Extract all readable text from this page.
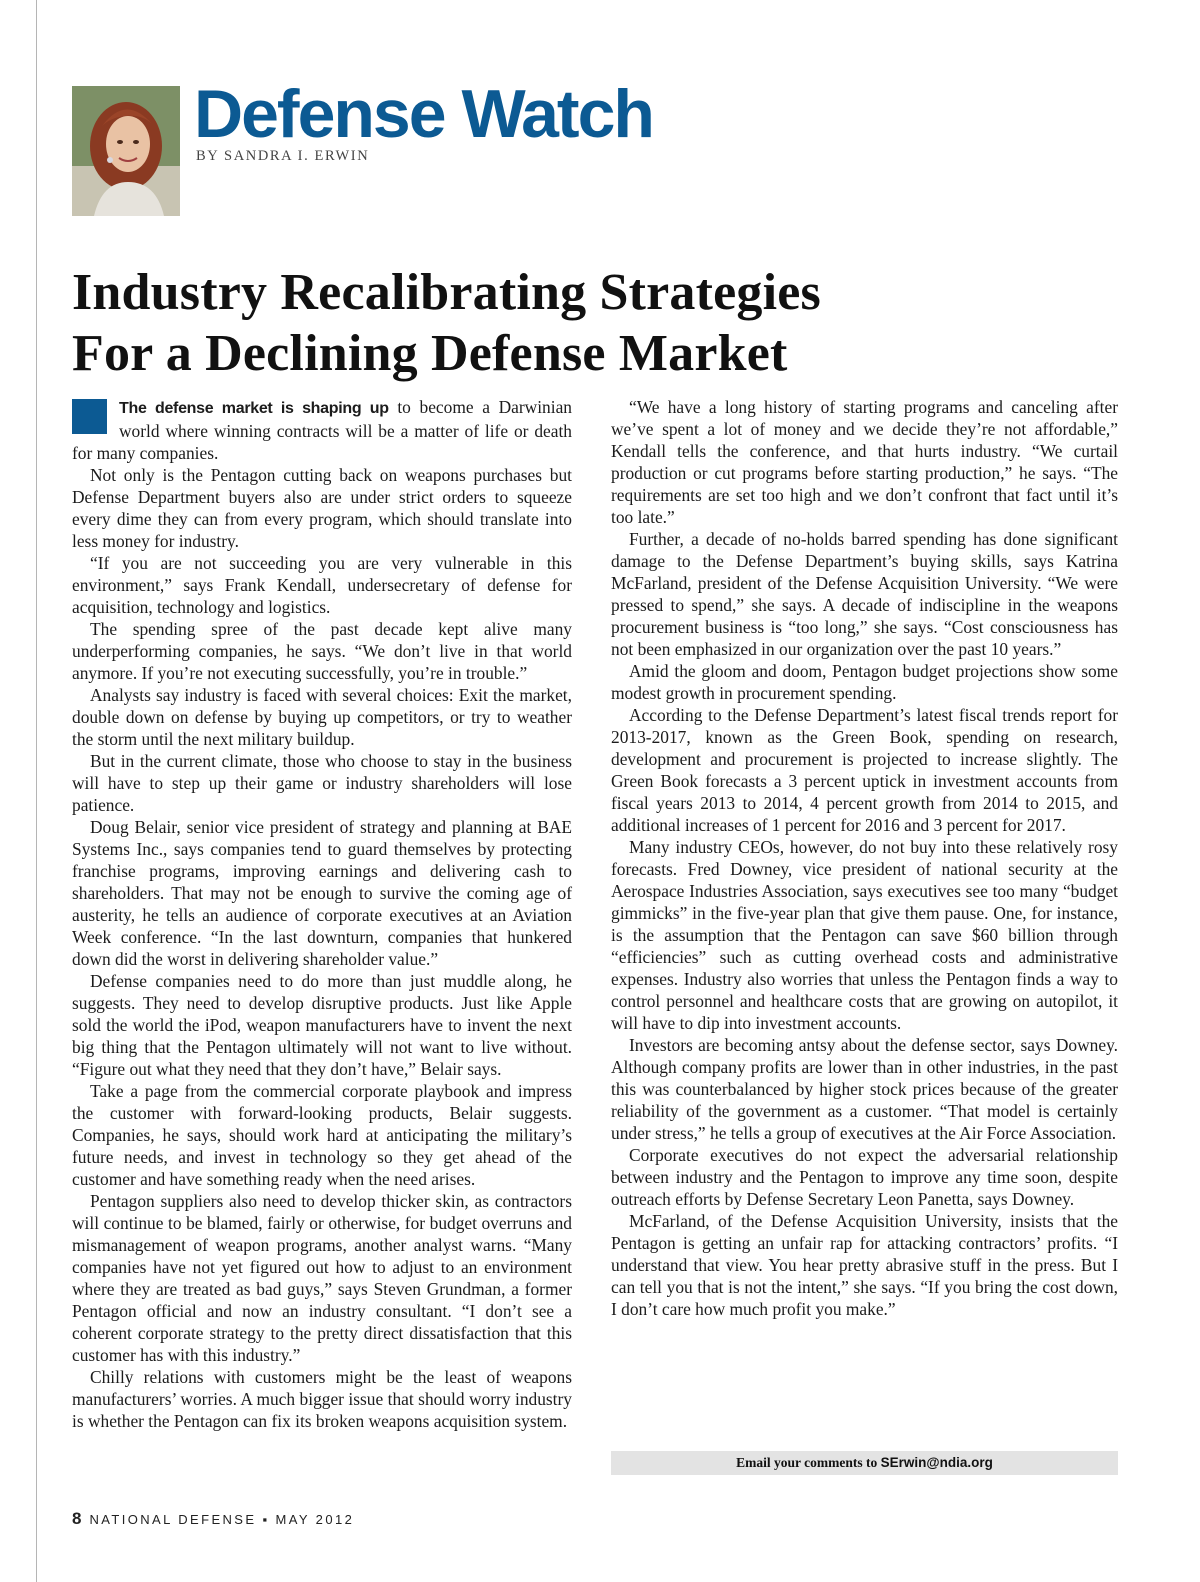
Defense Watch

BY SANDRA I. ERWIN

Industry Recalibrating Strategies
For a Declining Defense Market

The defense market is shaping up to become a Darwinian world where winning contracts will be a matter of life or death for many companies.

Not only is the Pentagon cutting back on weapons purchases but Defense Department buyers also are under strict orders to squeeze every dime they can from every program, which should translate into less money for industry.

“If you are not succeeding you are very vulnerable in this environment,” says Frank Kendall, undersecretary of defense for acquisition, technology and logistics.

The spending spree of the past decade kept alive many underperforming companies, he says. “We don’t live in that world anymore. If you’re not executing successfully, you’re in trouble.”

Analysts say industry is faced with several choices: Exit the market, double down on defense by buying up competitors, or try to weather the storm until the next military buildup.

But in the current climate, those who choose to stay in the business will have to step up their game or industry shareholders will lose patience.

Doug Belair, senior vice president of strategy and planning at BAE Systems Inc., says companies tend to guard themselves by protecting franchise programs, improving earnings and delivering cash to shareholders. That may not be enough to survive the coming age of austerity, he tells an audience of corporate executives at an Aviation Week conference. “In the last downturn, companies that hunkered down did the worst in delivering shareholder value.”

Defense companies need to do more than just muddle along, he suggests. They need to develop disruptive products. Just like Apple sold the world the iPod, weapon manufacturers have to invent the next big thing that the Pentagon ultimately will not want to live without. “Figure out what they need that they don’t have,” Belair says.

Take a page from the commercial corporate playbook and impress the customer with forward-looking products, Belair suggests. Companies, he says, should work hard at anticipating the military’s future needs, and invest in technology so they get ahead of the customer and have something ready when the need arises.

Pentagon suppliers also need to develop thicker skin, as contractors will continue to be blamed, fairly or otherwise, for budget overruns and mismanagement of weapon programs, another analyst warns. “Many companies have not yet figured out how to adjust to an environment where they are treated as bad guys,” says Steven Grundman, a former Pentagon official and now an industry consultant. “I don’t see a coherent corporate strategy to the pretty direct dissatisfaction that this customer has with this industry.”

Chilly relations with customers might be the least of weapons manufacturers’ worries. A much bigger issue that should worry industry is whether the Pentagon can fix its broken weapons acquisition system.

“We have a long history of starting programs and canceling after we’ve spent a lot of money and we decide they’re not affordable,” Kendall tells the conference, and that hurts industry. “We curtail production or cut programs before starting production,” he says. “The requirements are set too high and we don’t confront that fact until it’s too late.”

Further, a decade of no-holds barred spending has done significant damage to the Defense Department’s buying skills, says Katrina McFarland, president of the Defense Acquisition University. “We were pressed to spend,” she says. A decade of indiscipline in the weapons procurement business is “too long,” she says. “Cost consciousness has not been emphasized in our organization over the past 10 years.”

Amid the gloom and doom, Pentagon budget projections show some modest growth in procurement spending.

According to the Defense Department’s latest fiscal trends report for 2013-2017, known as the Green Book, spending on research, development and procurement is projected to increase slightly. The Green Book forecasts a 3 percent uptick in investment accounts from fiscal years 2013 to 2014, 4 percent growth from 2014 to 2015, and additional increases of 1 percent for 2016 and 3 percent for 2017.

Many industry CEOs, however, do not buy into these relatively rosy forecasts. Fred Downey, vice president of national security at the Aerospace Industries Association, says executives see too many “budget gimmicks” in the five-year plan that give them pause. One, for instance, is the assumption that the Pentagon can save $60 billion through “efficiencies” such as cutting overhead costs and administrative expenses. Industry also worries that unless the Pentagon finds a way to control personnel and healthcare costs that are growing on autopilot, it will have to dip into investment accounts.

Investors are becoming antsy about the defense sector, says Downey. Although company profits are lower than in other industries, in the past this was counterbalanced by higher stock prices because of the greater reliability of the government as a customer. “That model is certainly under stress,” he tells a group of executives at the Air Force Association.

Corporate executives do not expect the adversarial relationship between industry and the Pentagon to improve any time soon, despite outreach efforts by Defense Secretary Leon Panetta, says Downey.

McFarland, of the Defense Acquisition University, insists that the Pentagon is getting an unfair rap for attacking contractors’ profits. “I understand that view. You hear pretty abrasive stuff in the press. But I can tell you that is not the intent,” she says. “If you bring the cost down, I don’t care how much profit you make.”

Email your comments to SErwin@ndia.org

8 NATIONAL DEFENSE ▪ MAY 2012
